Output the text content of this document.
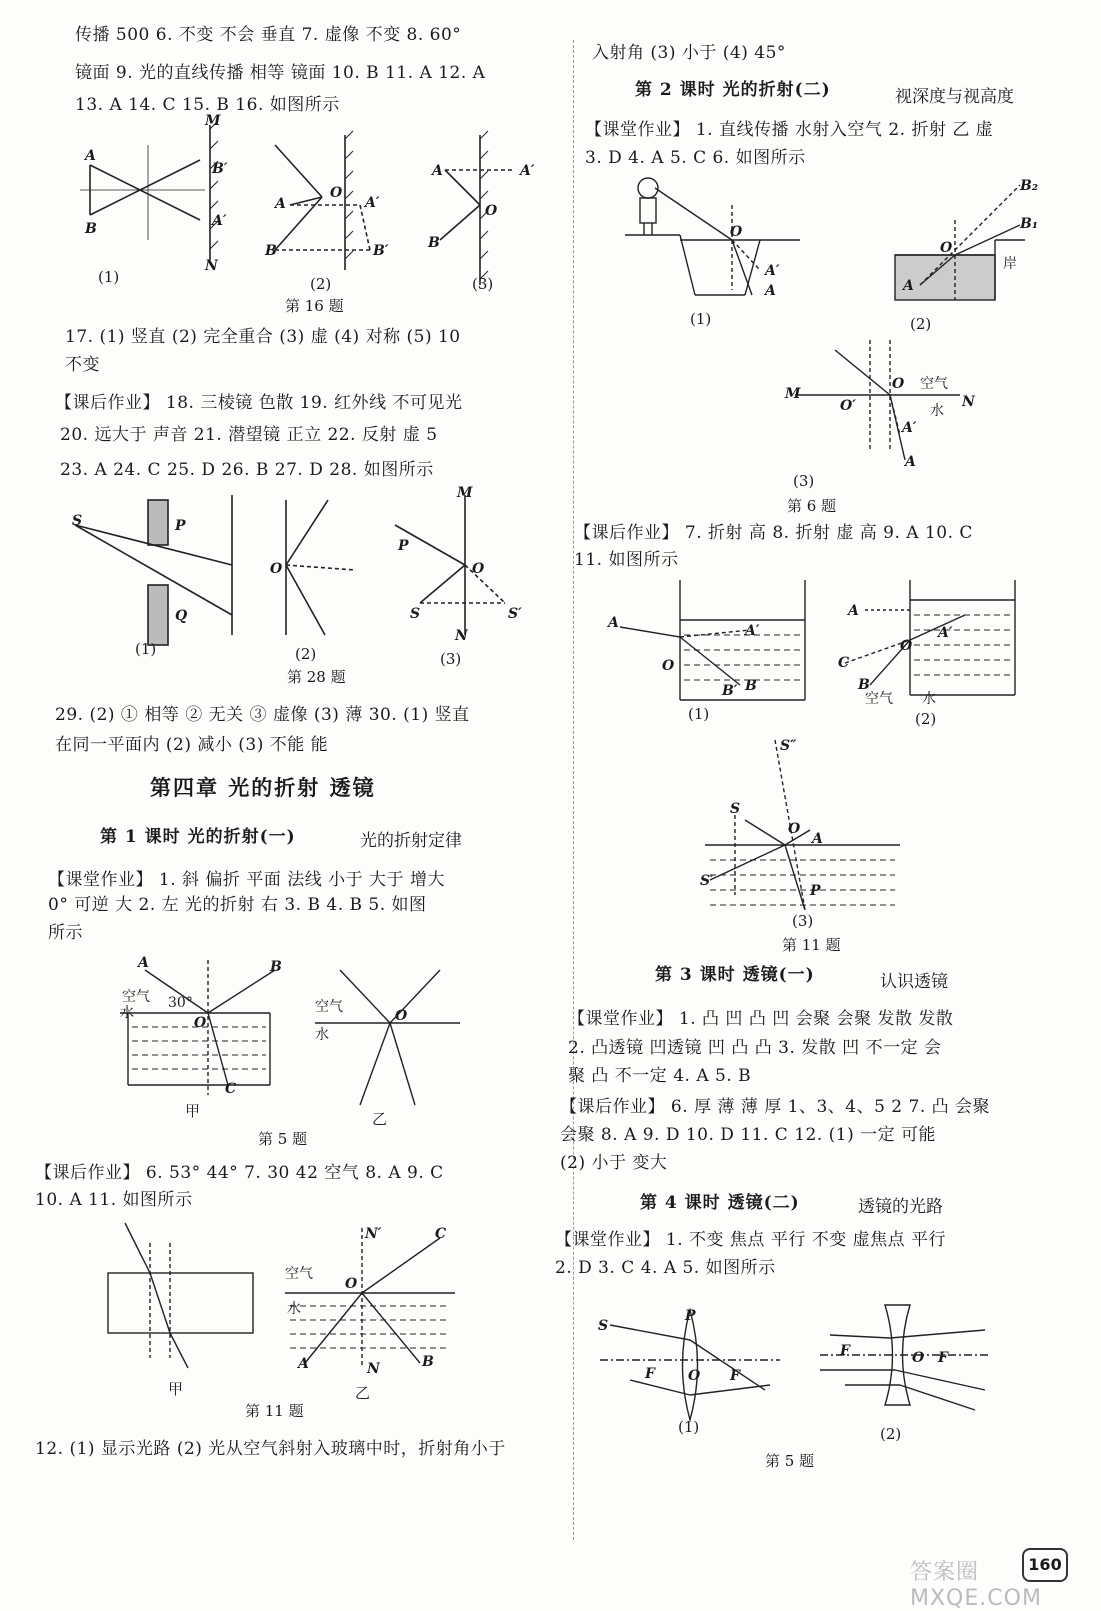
传播 500 6. 不变 不会 垂直 7. 虚像 不变 8. 60°
镜面 9. 光的直线传播 相等 镜面 10. B 11. A 12. A
13. A 14. C 15. B 16. 如图所示
M
N
A
B
B′
A′
O
A
B
A′
B′
A	A′
O
B
(1)	(2)	(3)
第 16 题
17. (1) 竖直 (2) 完全重合 (3) 虚 (4) 对称 (5) 10
不变
【课后作业】 18. 三棱镜 色散 19. 红外线 不可见光
20. 远大于 声音 21. 潜望镜 正立 22. 反射 虚 5
23. A 24. C 25. D 26. B 27. D 28. 如图所示
S	P
Q
O
M
N
P
O
S	S′
(1)	(2)	(3)
第 28 题
29. (2) ① 相等 ② 无关 ③ 虚像 (3) 薄 30. (1) 竖直
在同一平面内 (2) 减小 (3) 不能 能
第四章 光的折射 透镜
第 1 课时 光的折射(一)	光的折射定律
【课堂作业】 1. 斜 偏折 平面 法线 小于 大于 增大
0° 可逆 大 2. 左 光的折射 右 3. B 4. B 5. 如图
所示
A	B
O
C
O
空气
水
30°	空气
水
甲	乙
第 5 题
【课后作业】 6. 53° 44° 7. 30 42 空气 8. A 9. C
10. A 11. 如图所示
N′	C
O
A	N	B
空气
水
甲	乙
第 11 题
12. (1) 显示光路 (2) 光从空气斜射入玻璃中时，折射角小于
入射角 (3) 小于 (4) 45°
第 2 课时 光的折射(二)	视深度与视高度
【课堂作业】 1. 直线传播 水射入空气 2. 折射 乙 虚
3. D 4. A 5. C 6. 如图所示
O
A′
A
O
A
B₂
B₁
M
O′
O
N
A′
A
岸
空气
水
(1)	(2)
(3)
第 6 题
【课后作业】 7. 折射 高 8. 折射 虚 高 9. A 10. C
11. 如图所示
A
O
A′
B′ B
A
A′
O
C
B
S″
S
O
A
P
S′
空气 水
(1)	(2)
(3)
第 11 题
第 3 课时 透镜(一)	认识透镜
【课堂作业】 1. 凸 凹 凸 凹 会聚 会聚 发散 发散
2. 凸透镜 凹透镜 凹 凸 凸 3. 发散 凹 不一定 会
聚 凸 不一定 4. A 5. B
【课后作业】 6. 厚 薄 薄 厚 1、3、4、5 2 7. 凸 会聚
会聚 8. A 9. D 10. D 11. C 12. (1) 一定 可能
(2) 小于 变大
第 4 课时 透镜(二)	透镜的光路
【课堂作业】 1. 不变 焦点 平行 不变 虚焦点 平行
2. D 3. C 4. A 5. 如图所示
S
P
F O F
F	O F
(1)	(2)
第 5 题
答案圈 MXQE.COM
160
